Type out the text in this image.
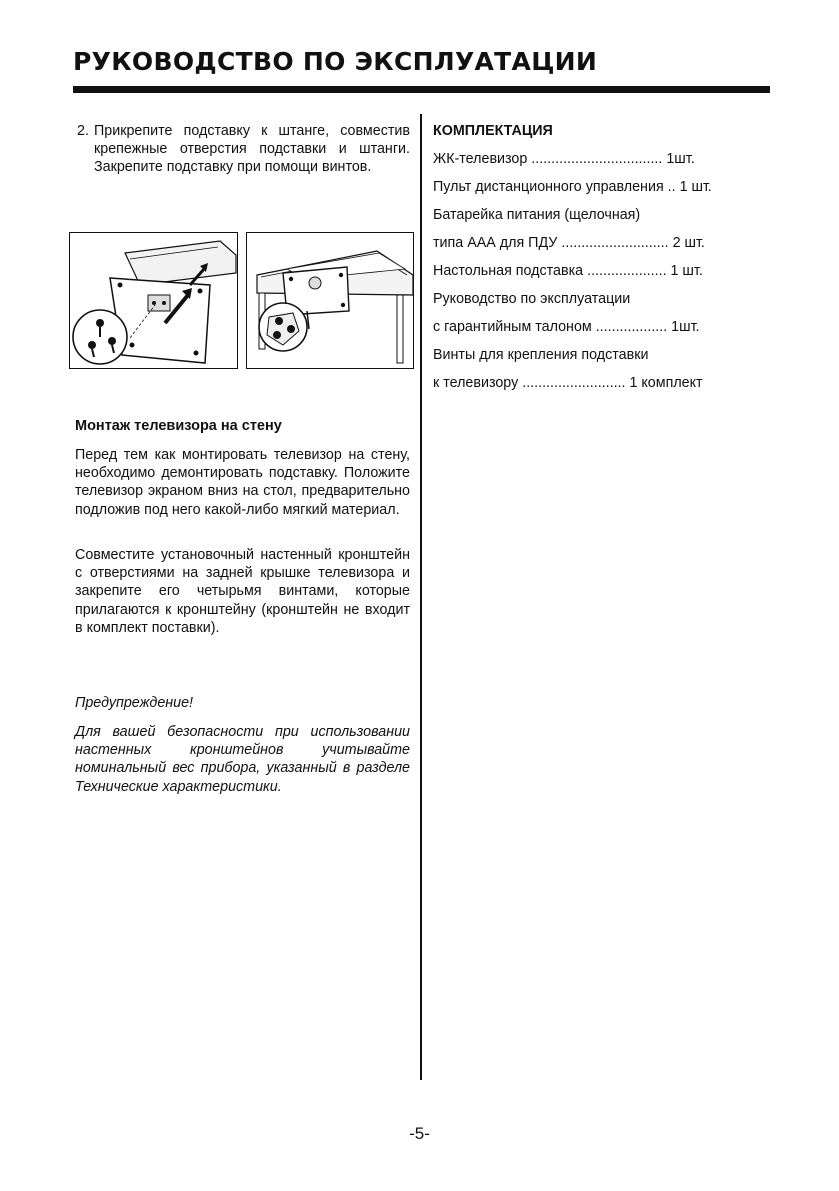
РУКОВОДСТВО ПО ЭКСПЛУАТАЦИИ
2. Прикрепите подставку к штанге, совместив крепежные отверстия подставки и штанги. Закрепите подставку при помощи винтов.
Монтаж телевизора на стену

Перед тем как монтировать телевизор на стену, необходимо демонтировать подставку. Положите телевизор экраном вниз на стол, предварительно подложив под него какой-либо мягкий материал.

Совместите установочный настенный кронштейн с отверстиями на задней крышке телевизора и закрепите его четырьмя винтами, которые прилагаются к кронштейну (кронштейн не входит в комплект поставки).

Предупреждение!

Для вашей безопасности при использовании настенных кронштейнов учитывайте номинальный вес прибора, указанный в разделе Технические характеристики.

КОМПЛЕКТАЦИЯ

ЖК-телевизор ................................. 1шт.

Пульт дистанционного управления .. 1 шт.

Батарейка питания (щелочная)

типа ААА для ПДУ ........................... 2 шт.

Настольная подставка .................... 1 шт.

Руководство по эксплуатации

с гарантийным талоном .................. 1шт.

Винты для крепления подставки

к телевизору .......................... 1 комплект

-5-
